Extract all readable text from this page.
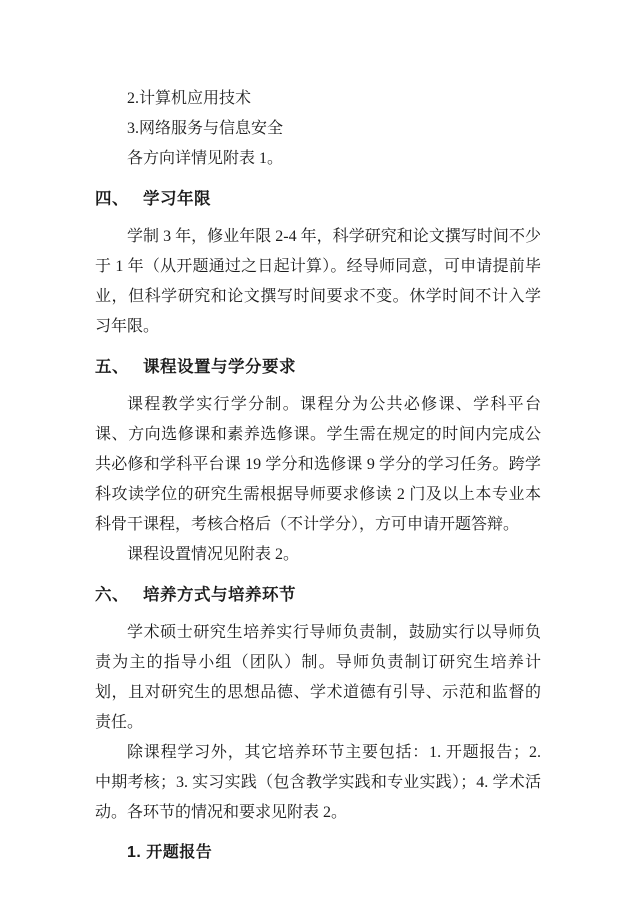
2.计算机应用技术

3.网络服务与信息安全

各方向详情见附表 1。

四、 学习年限

学制 3 年，修业年限 2-4 年，科学研究和论文撰写时间不少于 1 年（从开题通过之日起计算）。经导师同意，可申请提前毕业，但科学研究和论文撰写时间要求不变。休学时间不计入学习年限。

五、 课程设置与学分要求

课程教学实行学分制。课程分为公共必修课、学科平台课、方向选修课和素养选修课。学生需在规定的时间内完成公共必修和学科平台课 19 学分和选修课 9 学分的学习任务。跨学科攻读学位的研究生需根据导师要求修读 2 门及以上本专业本科骨干课程，考核合格后（不计学分），方可申请开题答辩。

课程设置情况见附表 2。

六、 培养方式与培养环节

学术硕士研究生培养实行导师负责制，鼓励实行以导师负责为主的指导小组（团队）制。导师负责制订研究生培养计划，且对研究生的思想品德、学术道德有引导、示范和监督的责任。

除课程学习外，其它培养环节主要包括：1. 开题报告；2. 中期考核；3. 实习实践（包含教学实践和专业实践）；4. 学术活动。各环节的情况和要求见附表 2。

1. 开题报告
